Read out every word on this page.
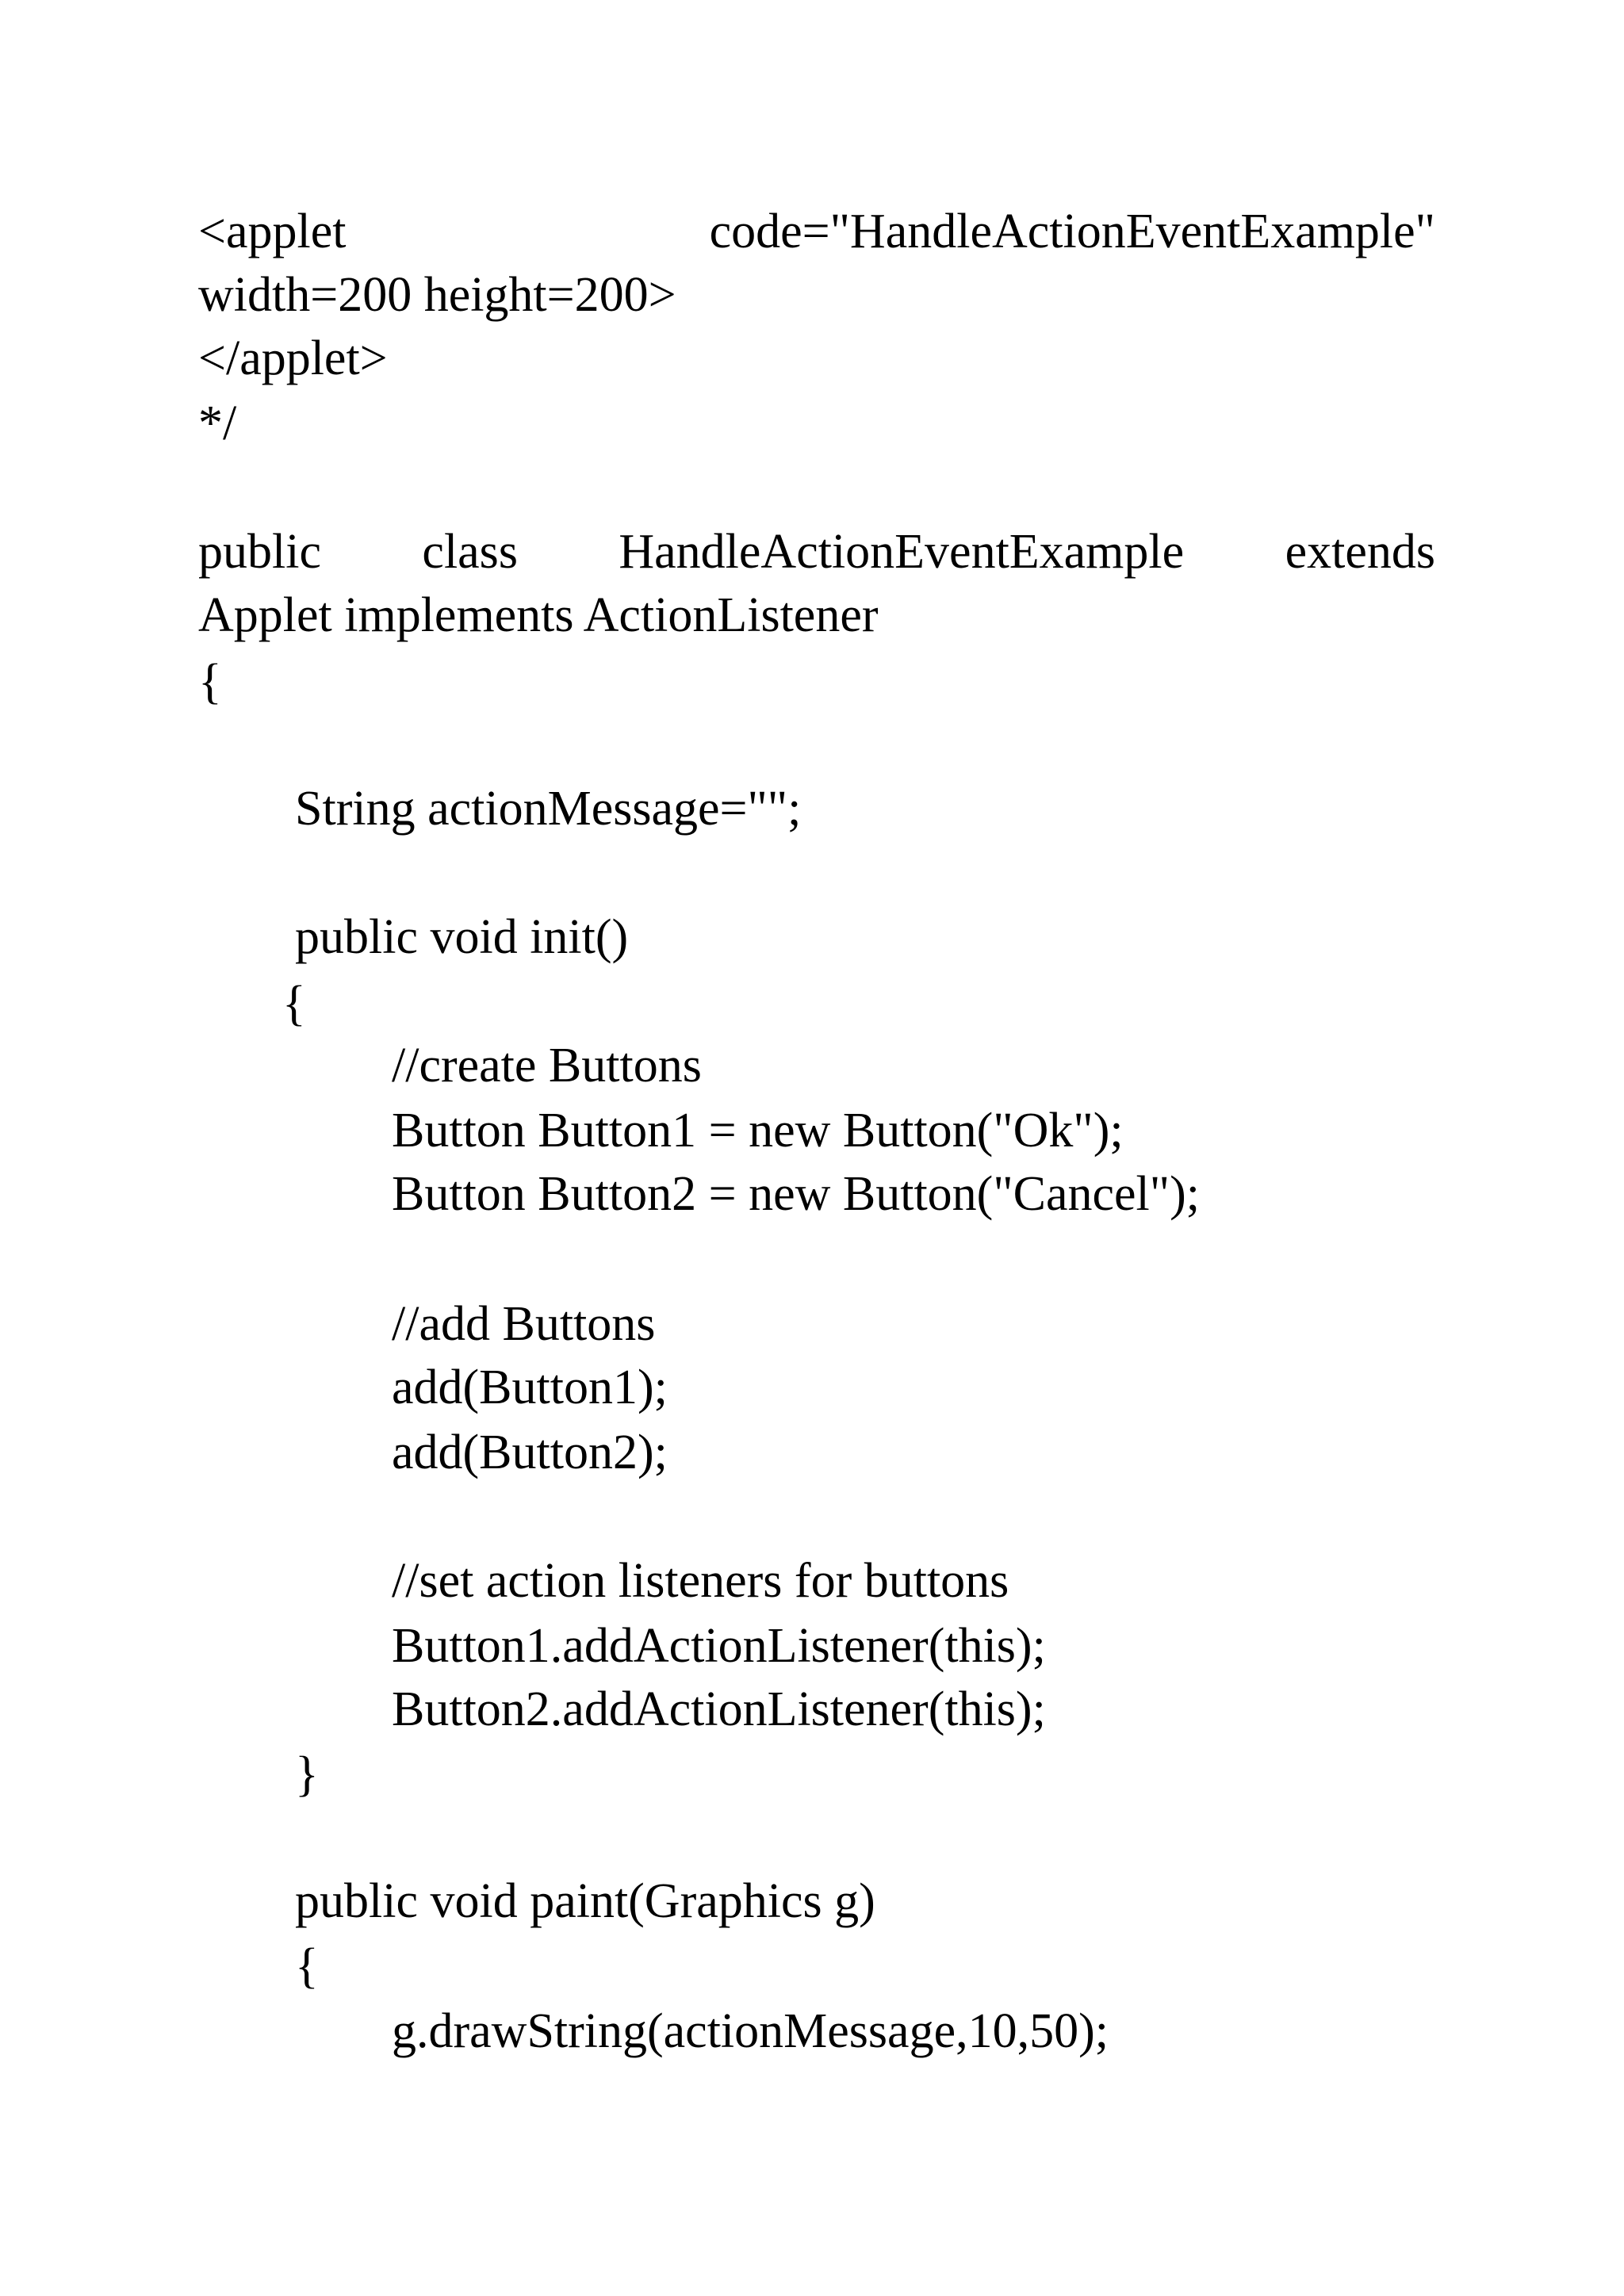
<applet	code="HandleActionEventExample"
width=200 height=200>
</applet>
*/
public class HandleActionEventExample extends
Applet implements ActionListener
{
String actionMessage="";
public void init()
{
//create Buttons
Button Button1 = new Button("Ok");
Button Button2 = new Button("Cancel");
//add Buttons
add(Button1);
add(Button2);
//set action listeners for buttons
Button1.addActionListener(this);
Button2.addActionListener(this);
}
public void paint(Graphics g)
{
g.drawString(actionMessage,10,50);
